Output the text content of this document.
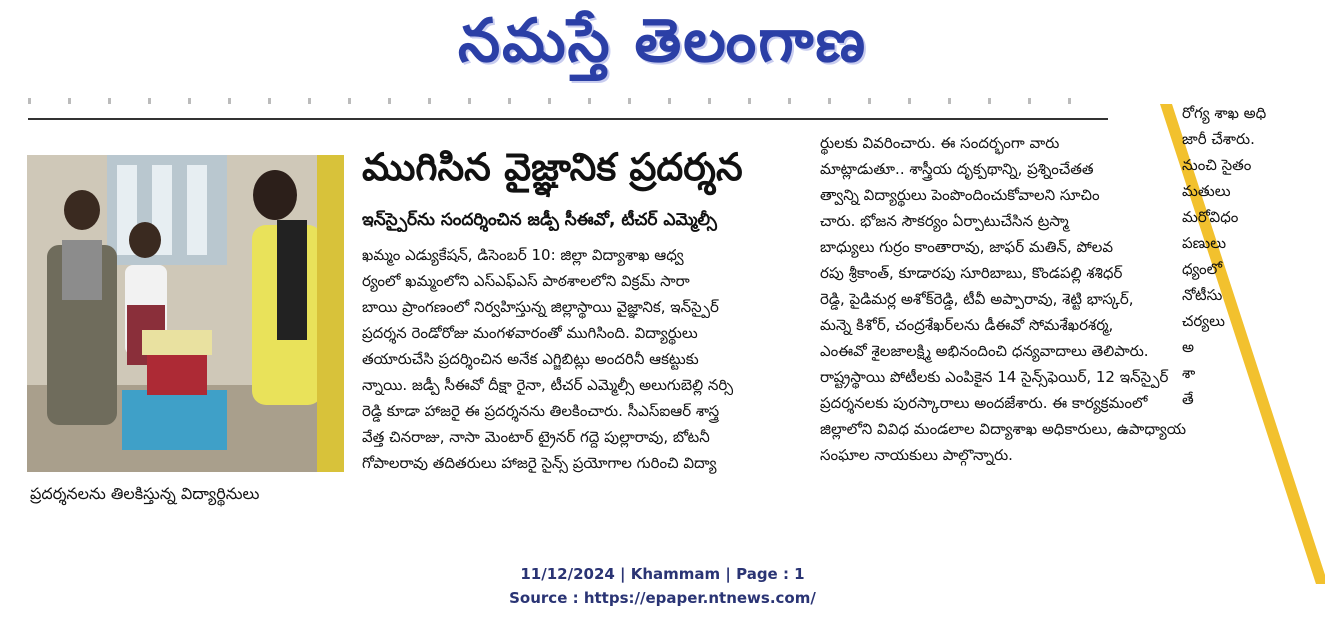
నమస్తే తెలంగాణ
ప్రదర్శనలను తిలకిస్తున్న విద్యార్థినులు
ముగిసిన వైజ్ఞానిక ప్రదర్శన
ఇన్‌స్పైర్‌ను సందర్శించిన జడ్పీ సీఈవో, టీచర్ ఎమ్మెల్సీ
ఖమ్మం ఎడ్యుకేషన్, డిసెంబర్ 10: జిల్లా విద్యాశాఖ ఆధ్వ
ర్యంలో ఖమ్మంలోని ఎస్ఎఫ్ఎస్ పాఠశాలలోని విక్రమ్ సారా
బాయి ప్రాంగణంలో నిర్వహిస్తున్న జిల్లాస్థాయి వైజ్ఞానిక, ఇన్‌స్పైర్
ప్రదర్శన రెండోరోజు మంగళవారంతో ముగిసింది. విద్యార్థులు
తయారుచేసి ప్రదర్శించిన అనేక ఎగ్జిబిట్లు అందరినీ ఆకట్టుకు
న్నాయి. జడ్పీ సీఈవో దీక్షా రైనా, టీచర్ ఎమ్మెల్సీ అలుగుబెల్లి నర్సి
రెడ్డి కూడా హాజరై ఈ ప్రదర్శనను తిలకించారు. సీఎస్ఐఆర్ శాస్త్ర
వేత్త చినరాజు, నాసా మెంటార్ ట్రైనర్ గద్దె పుల్లారావు, బోటనీ
గోపాలరావు తదితరులు హాజరై సైన్స్ ప్రయోగాల గురించి విద్యా
ర్థులకు వివరించారు. ఈ సందర్భంగా వారు
మాట్లాడుతూ.. శాస్త్రీయ దృక్పథాన్ని, ప్రశ్నించేతత
త్వాన్ని విద్యార్థులు పెంపొందించుకోవాలని సూచిం
చారు. భోజన సౌకర్యం ఏర్పాటుచేసిన ట్రస్మా
బాధ్యులు గుర్రం కాంతారావు, జాఫర్ మతిన్, పోలవ
రపు శ్రీకాంత్, కూడారపు సూరిబాబు, కొండపల్లి శశిధర్
రెడ్డి, పైడిమర్ల అశోక్‌రెడ్డి, టీవీ అప్పారావు, శెట్టి భాస్కర్,
మన్నె కిశోర్, చంద్రశేఖర్‌లను డీఈవో సోమశేఖరశర్మ,
ఎంఈవో శైలజాలక్ష్మి అభినందించి ధన్యవాదాలు తెలిపారు.
రాష్ట్రస్థాయి పోటీలకు ఎంపికైన 14 సైన్స్‌ఫెయిర్, 12 ఇన్‌స్పైర్
ప్రదర్శనలకు పురస్కారాలు అందజేశారు. ఈ కార్యక్రమంలో
జిల్లాలోని వివిధ మండలాల విద్యాశాఖ అధికారులు, ఉపాధ్యాయ
సంఘాల నాయకులు పాల్గొన్నారు.
రోగ్య శాఖ అధి
జారీ చేశారు.
నుంచి సైతం
మతులు
మరోవిధం
పణులు
ధ్యంలో
నోటీసు
చర్యలు
అ
శా
తే
11/12/2024 | Khammam | Page : 1
Source : https://epaper.ntnews.com/
